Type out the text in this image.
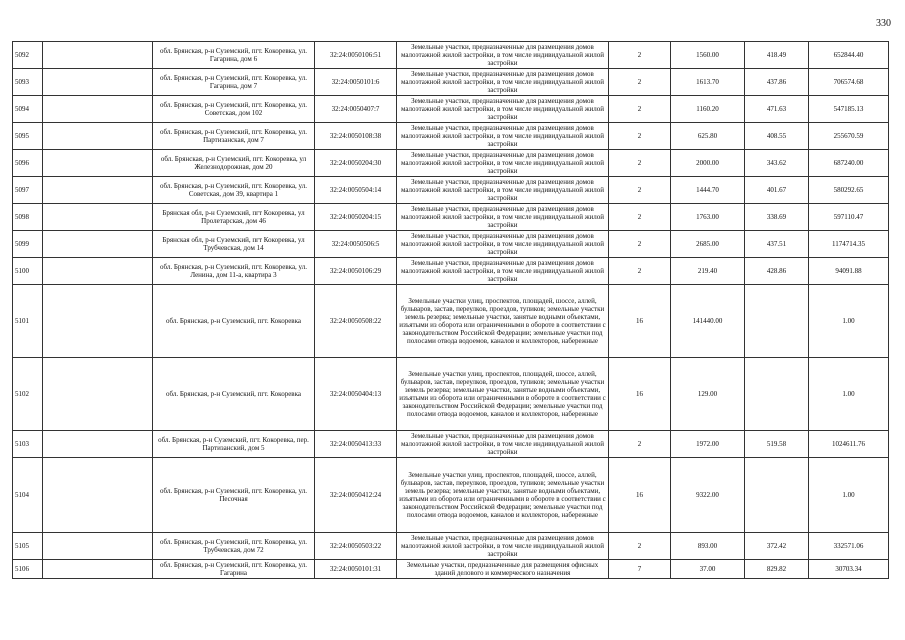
330
5092		обл. Брянская, р-н Суземский, пгт. Кокоревка, ул. Гагарина, дом 6	32:24:0050106:51	Земельные участки, предназначенные для размещения домов малоэтажной жилой застройки, в том числе индивидуальной жилой застройки	2	1560.00	418.49	652844.40
5093		обл. Брянская, р-н Суземский, пгт. Кокоревка, ул. Гагарина, дом 7	32:24:0050101:6	Земельные участки, предназначенные для размещения домов малоэтажной жилой застройки, в том числе индивидуальной жилой застройки	2	1613.70	437.86	706574.68
5094		обл. Брянская, р-н Суземский, пгт. Кокоревка, ул. Советская, дом 102	32:24:0050407:7	Земельные участки, предназначенные для размещения домов малоэтажной жилой застройки, в том числе индивидуальной жилой застройки	2	1160.20	471.63	547185.13
5095		обл. Брянская, р-н Суземский, пгт. Кокоревка, ул. Партизанская, дом 7	32:24:0050108:38	Земельные участки, предназначенные для размещения домов малоэтажной жилой застройки, в том числе индивидуальной жилой застройки	2	625.80	408.55	255670.59
5096		обл. Брянская, р-н Суземский, пгт. Кокоревка, ул Железнодорожная, дом 20	32:24:0050204:30	Земельные участки, предназначенные для размещения домов малоэтажной жилой застройки, в том числе индивидуальной жилой застройки	2	2000.00	343.62	687240.00
5097		обл. Брянская, р-н Суземский, пгт. Кокоревка, ул. Советская, дом 39, квартира 1	32:24:0050504:14	Земельные участки, предназначенные для размещения домов малоэтажной жилой застройки, в том числе индивидуальной жилой застройки	2	1444.70	401.67	580292.65
5098		Брянская обл, р-н Суземский, пгт Кокоревка, ул Пролетарская, дом 46	32:24:0050204:15	Земельные участки, предназначенные для размещения домов малоэтажной жилой застройки, в том числе индивидуальной жилой застройки	2	1763.00	338.69	597110.47
5099		Брянская обл, р-н Суземский, пгт Кокоревка, ул Трубчевская, дом 14	32:24:0050506:5	Земельные участки, предназначенные для размещения домов малоэтажной жилой застройки, в том числе индивидуальной жилой застройки	2	2685.00	437.51	1174714.35
5100		обл. Брянская, р-н Суземский, пгт. Кокоревка, ул. Ленина, дом 11-а, квартира 3	32:24:0050106:29	Земельные участки, предназначенные для размещения домов малоэтажной жилой застройки, в том числе индивидуальной жилой застройки	2	219.40	428.86	94091.88
5101		обл. Брянская, р-н Суземский, пгт. Кокоревка	32:24:0050508:22	Земельные участки улиц, проспектов, площадей, шоссе, аллей, бульваров, застав, переулков, проездов, тупиков; земельные участки земель резерва; земельные участки, занятые водными объектами, изъятыми из оборота или ограниченными в обороте в соответствии с законодательством Российской Федерации; земельные участки под полосами отвода водоемов, каналов и коллекторов, набережные	16	141440.00		1.00
5102		обл. Брянская, р-н Суземский, пгт. Кокоревка	32:24:0050404:13	Земельные участки улиц, проспектов, площадей, шоссе, аллей, бульваров, застав, переулков, проездов, тупиков; земельные участки земель резерва; земельные участки, занятые водными объектами, изъятыми из оборота или ограниченными в обороте в соответствии с законодательством Российской Федерации; земельные участки под полосами отвода водоемов, каналов и коллекторов, набережные	16	129.00		1.00
5103		обл. Брянская, р-н Суземский, пгт. Кокоревка, пер. Партизанский, дом 5	32:24:0050413:33	Земельные участки, предназначенные для размещения домов малоэтажной жилой застройки, в том числе индивидуальной жилой застройки	2	1972.00	519.58	1024611.76
5104		обл. Брянская, р-н Суземский, пгт. Кокоревка, ул. Песочная	32:24:0050412:24	Земельные участки улиц, проспектов, площадей, шоссе, аллей, бульваров, застав, переулков, проездов, тупиков; земельные участки земель резерва; земельные участки, занятые водными объектами, изъятыми из оборота или ограниченными в обороте в соответствии с законодательством Российской Федерации; земельные участки под полосами отвода водоемов, каналов и коллекторов, набережные	16	9322.00		1.00
5105		обл. Брянская, р-н Суземский, пгт. Кокоревка, ул. Трубчевская, дом 72	32:24:0050503:22	Земельные участки, предназначенные для размещения домов малоэтажной жилой застройки, в том числе индивидуальной жилой застройки	2	893.00	372.42	332571.06
5106		обл. Брянская, р-н Суземский, пгт. Кокоревка, ул. Гагарина	32:24:0050101:31	Земельные участки, предназначенные для размещения офисных зданий делового и коммерческого назначения	7	37.00	829.82	30703.34
